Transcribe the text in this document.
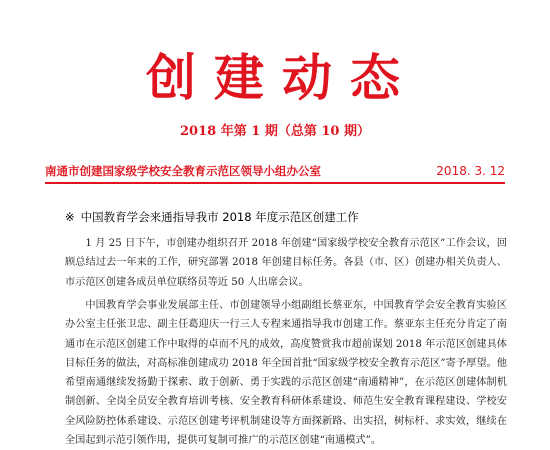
创建动态
2018 年第 1 期（总第 10 期）
南通市创建国家级学校安全教育示范区领导小组办公室	2018. 3. 12
※ 中国教育学会来通指导我市 2018 年度示范区创建工作

1 月 25 日下午，市创建办组织召开 2018 年创建“国家级学校安全教育示范区”工作会议，回顾总结过去一年来的工作，研究部署 2018 年创建目标任务。各县（市、区）创建办相关负责人、市示范区创建各成员单位联络员等近 50 人出席会议。

中国教育学会事业发展部主任、市创建领导小组副组长蔡亚东，中国教育学会安全教育实验区办公室主任张卫忠、副主任葛迎庆一行三人专程来通指导我市创建工作。蔡亚东主任充分肯定了南通市在示范区创建工作中取得的卓而不凡的成效，高度赞赏我市超前谋划 2018 年示范区创建具体目标任务的做法，对高标准创建成功 2018 年全国首批“国家级学校安全教育示范区”寄予厚望。他希望南通继续发扬勤于探索、敢于创新、勇于实践的示范区创建“南通精神”，在示范区创建体制机制创新、全岗全员安全教育培训考核、安全教育科研体系建设、师范生安全教育课程建设、学校安全风险防控体系建设、示范区创建考评机制建设等方面探新路、出实招，树标杆、求实效，继续在全国起到示范引领作用，提供可复制可推广的示范区创建“南通模式”。
